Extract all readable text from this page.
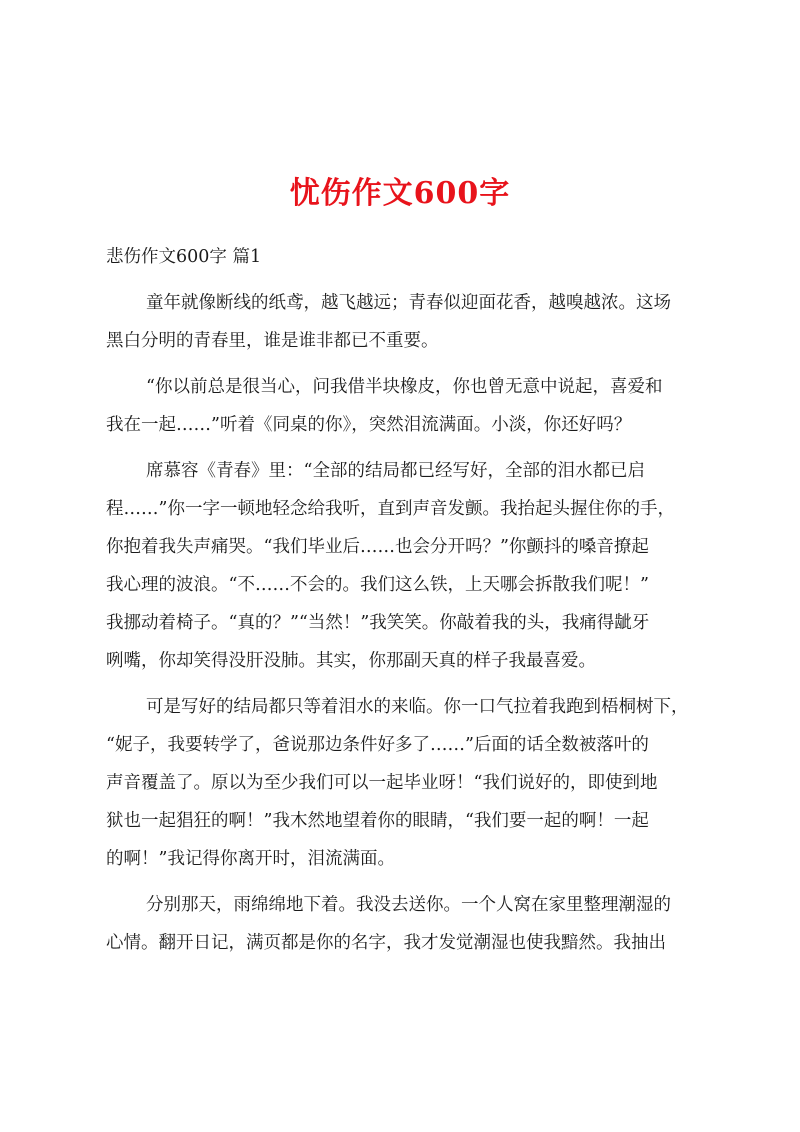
忧伤作文600字
悲伤作文600字 篇1
童年就像断线的纸鸢，越飞越远；青春似迎面花香，越嗅越浓。这场
黑白分明的青春里，谁是谁非都已不重要。
“你以前总是很当心，问我借半块橡皮，你也曾无意中说起，喜爱和
我在一起……”听着《同桌的你》，突然泪流满面。小淡，你还好吗？
席慕容《青春》里：“全部的结局都已经写好，全部的泪水都已启
程……”你一字一顿地轻念给我听，直到声音发颤。我抬起头握住你的手，
你抱着我失声痛哭。“我们毕业后……也会分开吗？”你颤抖的嗓音撩起
我心理的波浪。“不……不会的。我们这么铁，上天哪会拆散我们呢！”
我挪动着椅子。“真的？”“当然！”我笑笑。你敲着我的头，我痛得龇牙
咧嘴，你却笑得没肝没肺。其实，你那副天真的样子我最喜爱。
可是写好的结局都只等着泪水的来临。你一口气拉着我跑到梧桐树下，
“妮子，我要转学了，爸说那边条件好多了……”后面的话全数被落叶的
声音覆盖了。原以为至少我们可以一起毕业呀！“我们说好的，即使到地
狱也一起猖狂的啊！”我木然地望着你的眼睛，“我们要一起的啊！一起
的啊！”我记得你离开时，泪流满面。
分别那天，雨绵绵地下着。我没去送你。一个人窝在家里整理潮湿的
心情。翻开日记，满页都是你的名字，我才发觉潮湿也使我黯然。我抽出
